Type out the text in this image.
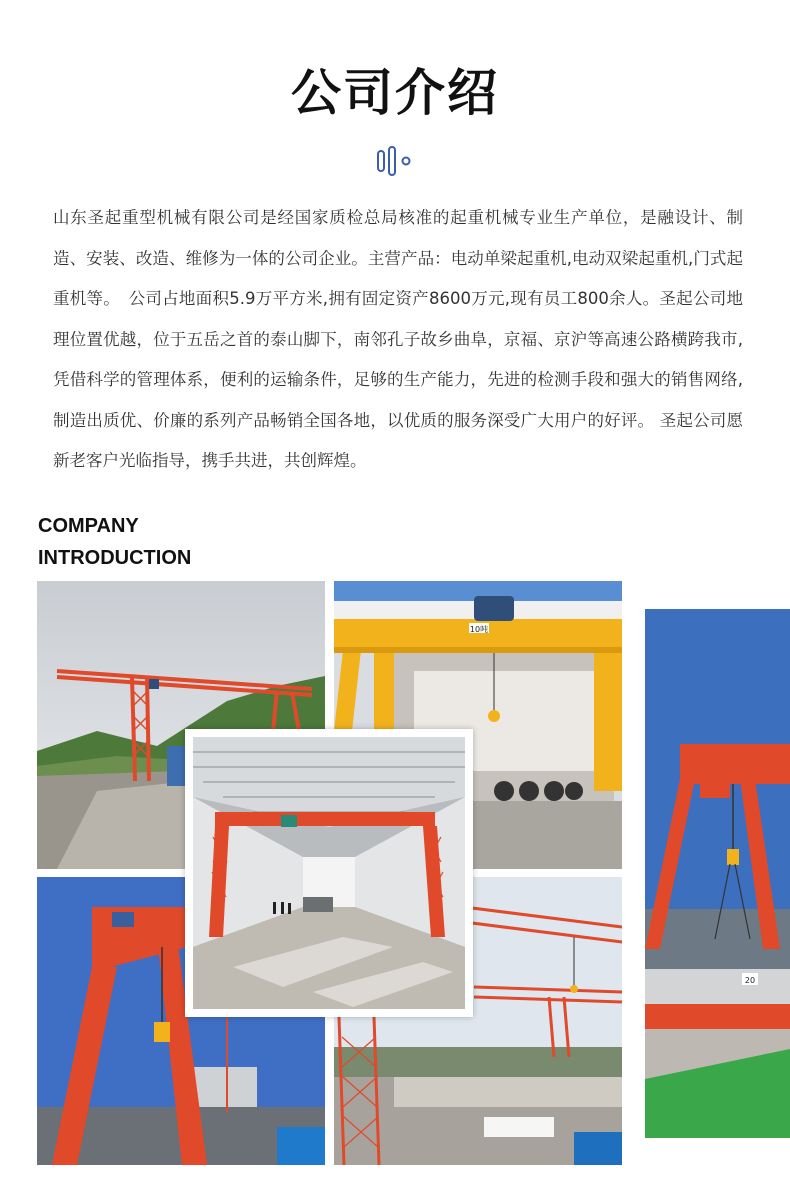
公司介绍

山东圣起重型机械有限公司是经国家质检总局核准的起重机械专业生产单位，是融设计、制造、安装、改造、维修为一体的公司企业。主营产品：电动单梁起重机,电动双梁起重机,门式起重机等。　公司占地面积5.9万平方米,拥有固定资产8600万元,现有员工800余人。圣起公司地理位置优越，位于五岳之首的泰山脚下，南邻孔子故乡曲阜，京福、京沪等高速公路横跨我市,凭借科学的管理体系，便利的运输条件，足够的生产能力，先进的检测手段和强大的销售网络,制造出质优、价廉的系列产品畅销全国各地，以优质的服务深受广大用户的好评。 圣起公司愿新老客户光临指导，携手共进，共创辉煌。

COMPANY
INTRODUCTION
10吨
20
